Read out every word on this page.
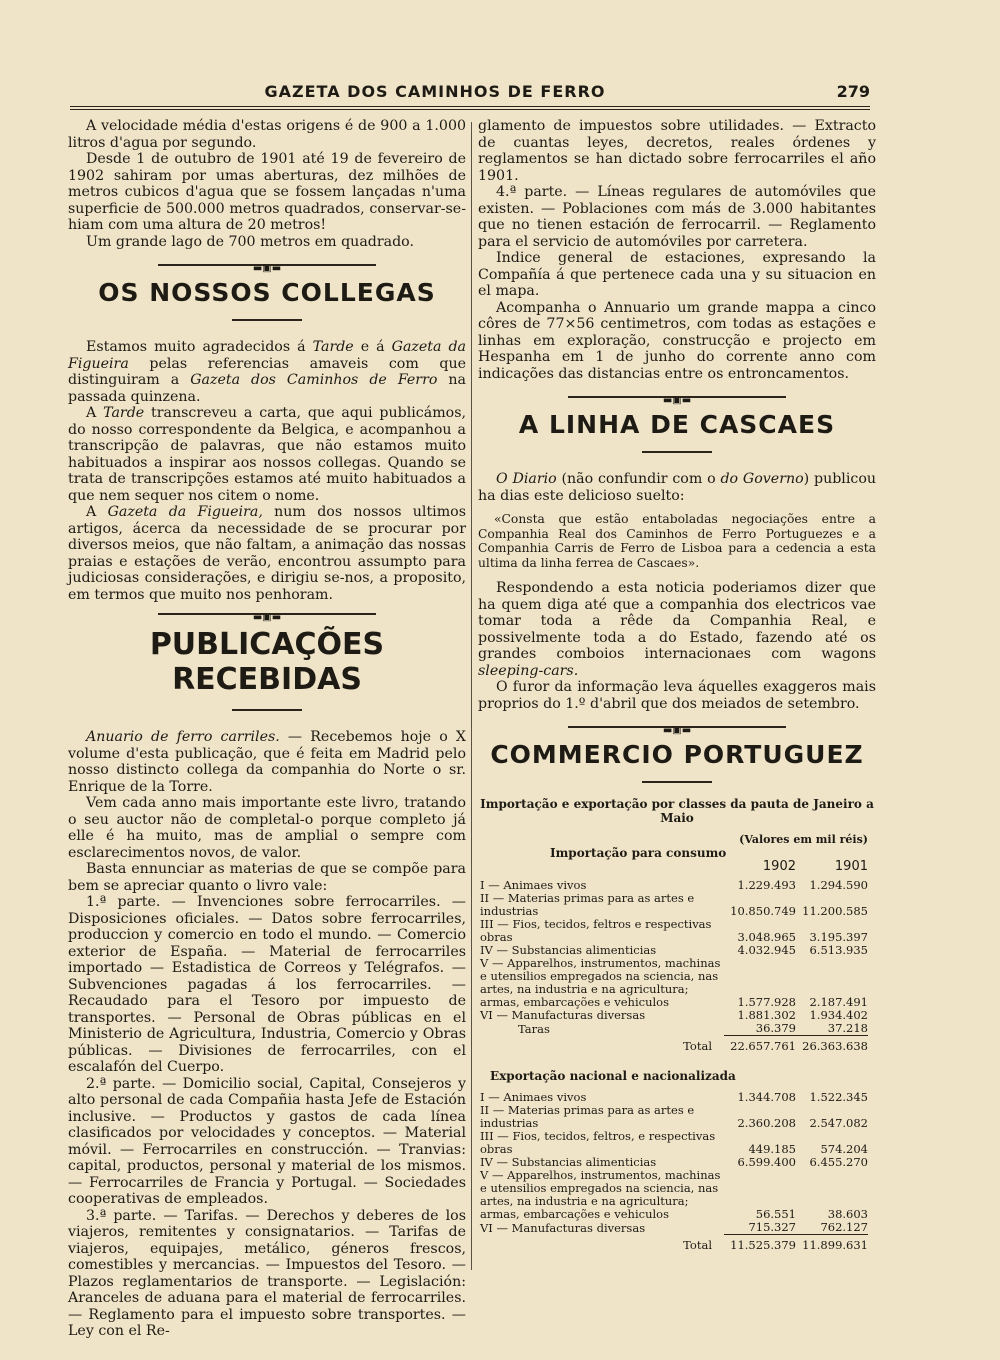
GAZETA DOS CAMINHOS DE FERRO	279

A velocidade média d'estas origens é de 900 a 1.000 litros d'agua por segundo.

Desde 1 de outubro de 1901 até 19 de fevereiro de 1902 sahiram por umas aberturas, dez milhões de metros cubicos d'agua que se fossem lançadas n'uma superficie de 500.000 metros quadrados, conservar-se-hiam com uma altura de 20 metros!

Um grande lago de 700 metros em quadrado.

▬▣▬
OS NOSSOS COLLEGAS

Estamos muito agradecidos á Tarde e á Gazeta da Figueira pelas referencias amaveis com que distinguiram a Gazeta dos Caminhos de Ferro na passada quinzena.

A Tarde transcreveu a carta, que aqui publicámos, do nosso correspondente da Belgica, e acompanhou a transcripção de palavras, que não estamos muito habituados a inspirar aos nossos collegas. Quando se trata de transcripções estamos até muito habituados a que nem sequer nos citem o nome.

A Gazeta da Figueira, num dos nossos ultimos artigos, ácerca da necessidade de se procurar por diversos meios, que não faltam, a animação das nossas praias e estações de verão, encontrou assumpto para judiciosas considerações, e dirigiu se-nos, a proposito, em termos que muito nos penhoram.

▬▣▬
PUBLICAÇÕES RECEBIDAS

Anuario de ferro carriles. — Recebemos hoje o X volume d'esta publicação, que é feita em Madrid pelo nosso distincto collega da companhia do Norte o sr. Enrique de la Torre.

Vem cada anno mais importante este livro, tratando o seu auctor não de completal-o porque completo já elle é ha muito, mas de amplial o sempre com esclarecimentos novos, de valor.

Basta ennunciar as materias de que se compõe para bem se apreciar quanto o livro vale:

1.ª parte. — Invenciones sobre ferrocarriles. — Disposiciones oficiales. — Datos sobre ferrocarriles, produccion y comercio en todo el mundo. — Comercio exterior de España. — Material de ferrocarriles importado — Estadistica de Correos y Telégrafos. — Subvenciones pagadas á los ferrocarriles. — Recaudado para el Tesoro por impuesto de transportes. — Personal de Obras públicas en el Ministerio de Agricultura, Industria, Comercio y Obras públicas. — Divisiones de ferrocarriles, con el escalafón del Cuerpo.

2.ª parte. — Domicilio social, Capital, Consejeros y alto personal de cada Compañia hasta Jefe de Estación inclusive. — Productos y gastos de cada línea clasificados por velocidades y conceptos. — Material móvil. — Ferrocarriles en construcción. — Tranvias: capital, productos, personal y material de los mismos. — Ferrocarriles de Francia y Portugal. — Sociedades cooperativas de empleados.

3.ª parte. — Tarifas. — Derechos y deberes de los viajeros, remitentes y consignatarios. — Tarifas de viajeros, equipajes, metálico, géneros frescos, comestibles y mercancias. — Impuestos del Tesoro. — Plazos reglamentarios de transporte. — Legislación: Aranceles de aduana para el material de ferrocarriles. — Reglamento para el impuesto sobre transportes. — Ley con el Re-

glamento de impuestos sobre utilidades. — Extracto de cuantas leyes, decretos, reales órdenes y reglamentos se han dictado sobre ferrocarriles el año 1901.

4.ª parte. — Líneas regulares de automóviles que existen. — Poblaciones com más de 3.000 habitantes que no tienen estación de ferrocarril. — Reglamento para el servicio de automóviles por carretera.

Indice general de estaciones, expresando la Compañía á que pertenece cada una y su situacion en el mapa.

Acompanha o Annuario um grande mappa a cinco côres de 77×56 centimetros, com todas as estações e linhas em exploração, construcção e projecto em Hespanha em 1 de junho do corrente anno com indicações das distancias entre os entroncamentos.

▬▣▬
A LINHA DE CASCAES

O Diario (não confundir com o do Governo) publicou ha dias este delicioso suelto:

«Consta que estão entaboladas negociações entre a Companhia Real dos Caminhos de Ferro Portuguezes e a Companhia Carris de Ferro de Lisboa para a cedencia a esta ultima da linha ferrea de Cascaes».

Respondendo a esta noticia poderiamos dizer que ha quem diga até que a companhia dos electricos vae tomar toda a rêde da Companhia Real, e possivelmente toda a do Estado, fazendo até os grandes comboios internacionaes com wagons sleeping-cars.

O furor da informação leva áquelles exaggeros mais proprios do 1.º d'abril que dos meiados de setembro.

▬▣▬
COMMERCIO PORTUGUEZ
Importação e exportação por classes da pauta de Janeiro a Maio
(Valores em mil réis)
Importação para consumo
	1902	1901
I — Animaes vivos	1.229.493	1.294.590
II — Materias primas para as artes e industrias	10.850.749	11.200.585
III — Fios, tecidos, feltros e respectivas obras	3.048.965	3.195.397
IV — Substancias alimenticias	4.032.945	6.513.935
V — Apparelhos, instrumentos, machinas e utensilios empregados na sciencia, nas artes, na industria e na agricultura; armas, embarcações e vehiculos	1.577.928	2.187.491
VI — Manufacturas diversas	1.881.302	1.934.402
Taras	36.379	37.218
Total	22.657.761	26.363.638
Exportação nacional e nacionalizada
I — Animaes vivos	1.344.708	1.522.345
II — Materias primas para as artes e industrias	2.360.208	2.547.082
III — Fios, tecidos, feltros, e respectivas obras	449.185	574.204
IV — Substancias alimenticias	6.599.400	6.455.270
V — Apparelhos, instrumentos, machinas e utensilios empregados na sciencia, nas artes, na industria e na agricultura; armas, embarcações e vehiculos	56.551	38.603
VI — Manufacturas diversas	715.327	762.127
Total	11.525.379	11.899.631
